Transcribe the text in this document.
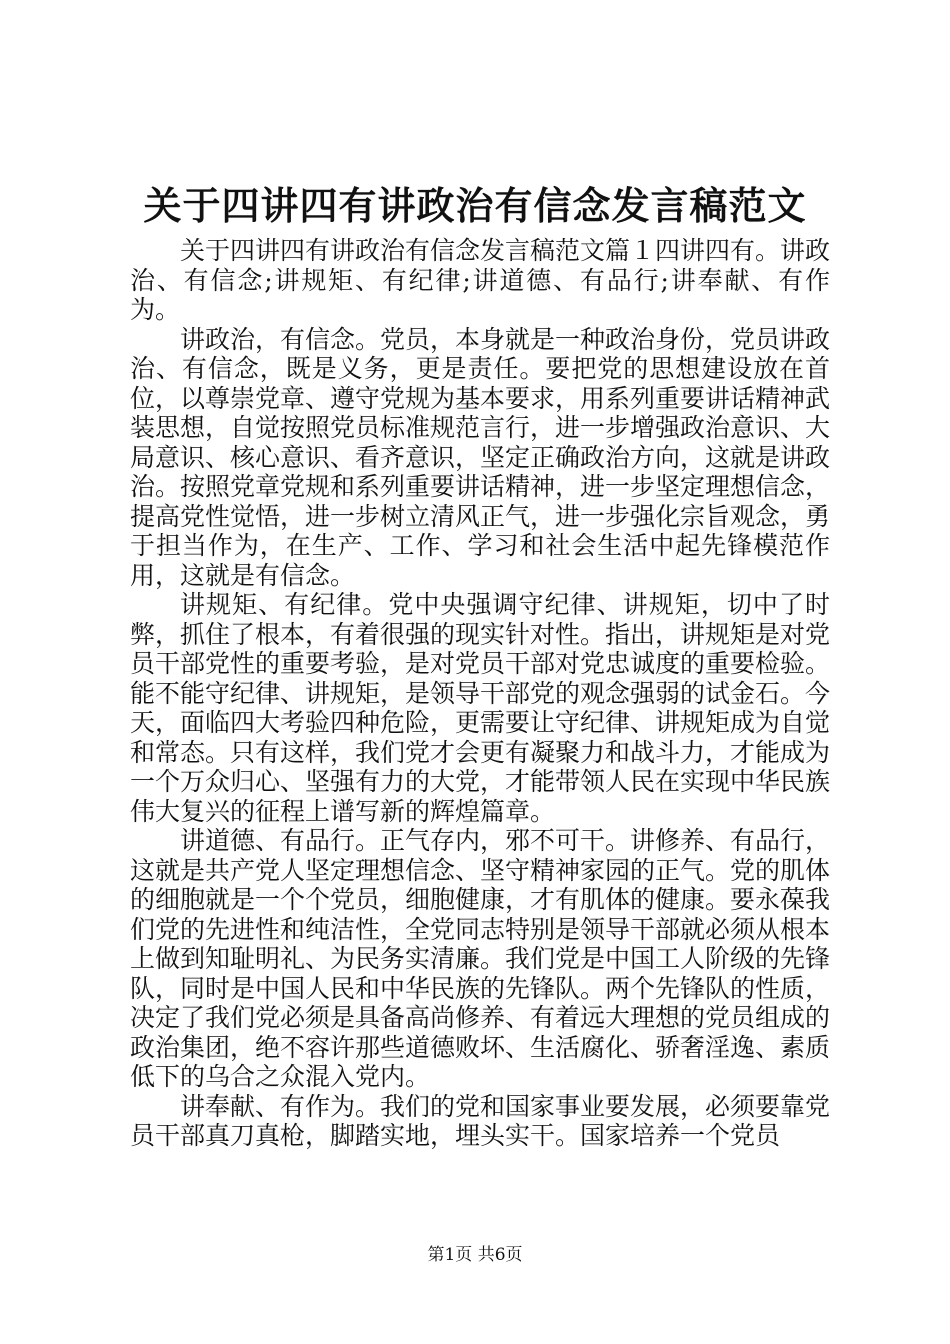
关于四讲四有讲政治有信念发言稿范文

关于四讲四有讲政治有信念发言稿范文篇１四讲四有。讲政治、有信念;讲规矩、有纪律;讲道德、有品行;讲奉献、有作为。

讲政治，有信念。党员，本身就是一种政治身份，党员讲政治、有信念，既是义务，更是责任。要把党的思想建设放在首位，以尊崇党章、遵守党规为基本要求，用系列重要讲话精神武装思想，自觉按照党员标准规范言行，进一步增强政治意识、大局意识、核心意识、看齐意识，坚定正确政治方向，这就是讲政治。按照党章党规和系列重要讲话精神，进一步坚定理想信念，提高党性觉悟，进一步树立清风正气，进一步强化宗旨观念，勇于担当作为，在生产、工作、学习和社会生活中起先锋模范作用，这就是有信念。

讲规矩、有纪律。党中央强调守纪律、讲规矩，切中了时弊，抓住了根本，有着很强的现实针对性。指出，讲规矩是对党员干部党性的重要考验，是对党员干部对党忠诚度的重要检验。能不能守纪律、讲规矩，是领导干部党的观念强弱的试金石。今天，面临四大考验四种危险，更需要让守纪律、讲规矩成为自觉和常态。只有这样，我们党才会更有凝聚力和战斗力，才能成为一个万众归心、坚强有力的大党，才能带领人民在实现中华民族伟大复兴的征程上谱写新的辉煌篇章。

讲道德、有品行。正气存内，邪不可干。讲修养、有品行，这就是共产党人坚定理想信念、坚守精神家园的正气。党的肌体的细胞就是一个个党员，细胞健康，才有肌体的健康。要永葆我们党的先进性和纯洁性，全党同志特别是领导干部就必须从根本上做到知耻明礼、为民务实清廉。我们党是中国工人阶级的先锋队，同时是中国人民和中华民族的先锋队。两个先锋队的性质，决定了我们党必须是具备高尚修养、有着远大理想的党员组成的政治集团，绝不容许那些道德败坏、生活腐化、骄奢淫逸、素质低下的乌合之众混入党内。

讲奉献、有作为。我们的党和国家事业要发展，必须要靠党员干部真刀真枪，脚踏实地，埋头实干。国家培养一个党员

第1页 共6页
